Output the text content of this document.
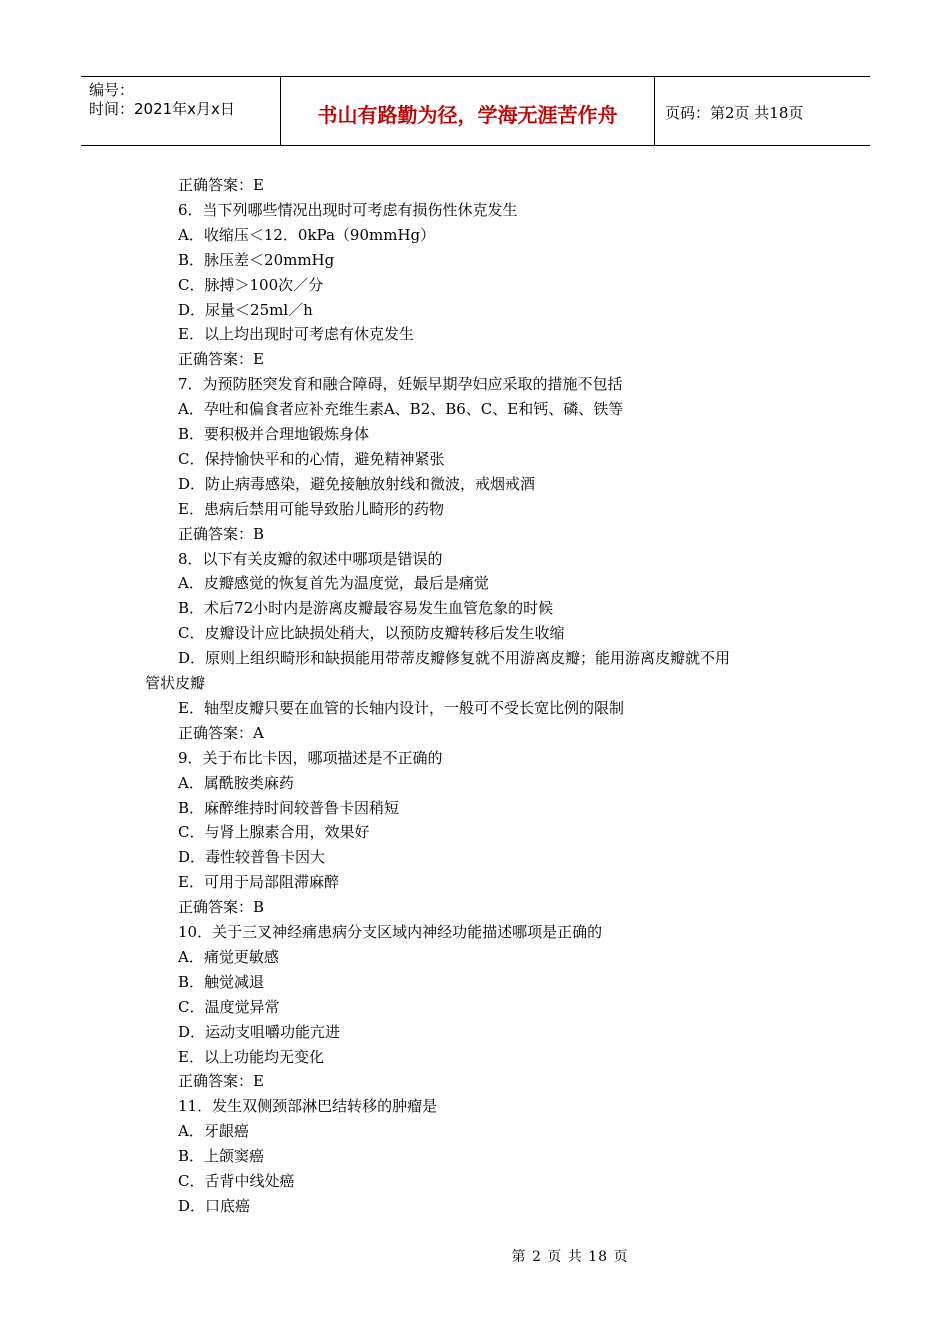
编号：
时间：2021年x月x日	书山有路勤为径，学海无涯苦作舟	页码：第2页 共18页
正确答案：E
6．当下列哪些情况出现时可考虑有损伤性休克发生
A．收缩压＜12．0kPa（90mmHg）
B．脉压差＜20mmHg
C．脉搏＞100次／分
D．尿量＜25ml／h
E．以上均出现时可考虑有休克发生
正确答案：E
7．为预防胚突发育和融合障碍，妊娠早期孕妇应采取的措施不包括
A．孕吐和偏食者应补充维生素A、B2、B6、C、E和钙、磷、铁等
B．要积极并合理地锻炼身体
C．保持愉快平和的心情，避免精神紧张
D．防止病毒感染，避免接触放射线和微波，戒烟戒酒
E．患病后禁用可能导致胎儿畸形的药物
正确答案：B
8．以下有关皮瓣的叙述中哪项是错误的
A．皮瓣感觉的恢复首先为温度觉，最后是痛觉
B．术后72小时内是游离皮瓣最容易发生血管危象的时候
C．皮瓣设计应比缺损处稍大，以预防皮瓣转移后发生收缩
D．原则上组织畸形和缺损能用带蒂皮瓣修复就不用游离皮瓣；能用游离皮瓣就不用
管状皮瓣
E．轴型皮瓣只要在血管的长轴内设计，一般可不受长宽比例的限制
正确答案：A
9．关于布比卡因，哪项描述是不正确的
A．属酰胺类麻药
B．麻醉维持时间较普鲁卡因稍短
C．与肾上腺素合用，效果好
D．毒性较普鲁卡因大
E．可用于局部阻滞麻醉
正确答案：B
10．关于三叉神经痛患病分支区域内神经功能描述哪项是正确的
A．痛觉更敏感
B．触觉减退
C．温度觉异常
D．运动支咀嚼功能亢进
E．以上功能均无变化
正确答案：E
11．发生双侧颈部淋巴结转移的肿瘤是
A．牙龈癌
B．上颌窦癌
C．舌背中线处癌
D．口底癌
第 2 页 共 18 页
